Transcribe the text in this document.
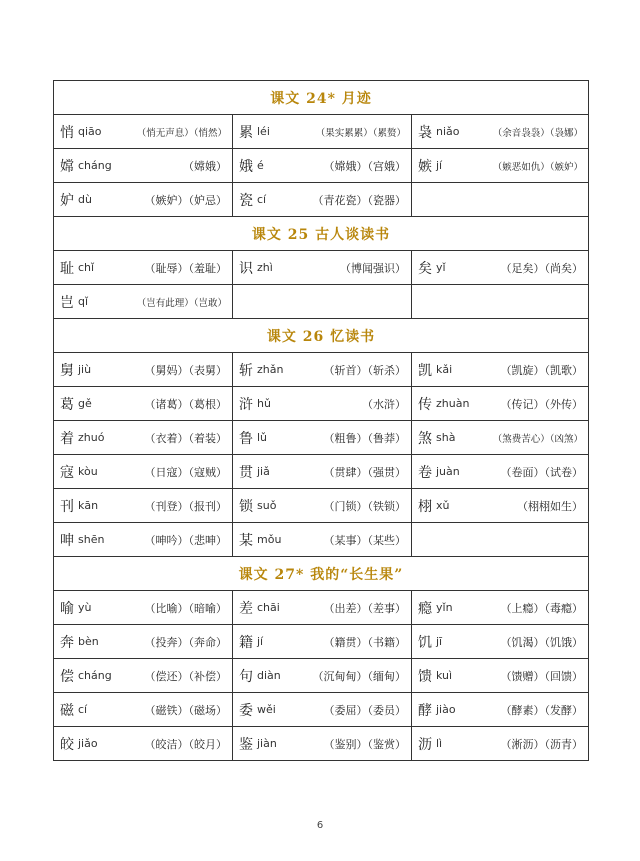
课文 24* 月迹
悄 qiāo	（悄无声息）（悄然） 累 léi	（果实累累）（累赘） 袅 niǎo	（余音袅袅）（袅娜）
嫦 cháng	（嫦娥） 娥 é	（嫦娥）（宫娥） 嫉 jí	（嫉恶如仇）（嫉妒）
妒 dù	（嫉妒）（妒忌） 瓷 cí	（青花瓷）（瓷器）
课文 25 古人谈读书
耻 chǐ	（耻辱）（羞耻） 识 zhì	（博闻强识） 矣 yǐ	（足矣）（尚矣）
岂 qǐ	（岂有此理）（岂敢）
课文 26 忆读书
舅 jiù	（舅妈）（表舅） 斩 zhǎn	（斩首）（斩杀） 凯 kǎi	（凯旋）（凯歌）
葛 gě	（诸葛）（葛根） 浒 hǔ	（水浒） 传 zhuàn	（传记）（外传）
着 zhuó	（衣着）（着装） 鲁 lǔ	（粗鲁）（鲁莽） 煞 shà	（煞费苦心）（凶煞）
寇 kòu	（日寇）（寇贼） 贯 jiǎ	（贯肆）（强贯） 卷 juàn	（卷面）（试卷）
刊 kān	（刊登）（报刊） 锁 suǒ	（门锁）（铁锁） 栩 xǔ	（栩栩如生）
呻 shēn	（呻吟）（悲呻） 某 mǒu	（某事）（某些）
课文 27* 我的“长生果”
喻 yù	（比喻）（暗喻） 差 chāi	（出差）（差事） 瘾 yǐn	（上瘾）（毒瘾）
奔 bèn	（投奔）（奔命） 籍 jí	（籍贯）（书籍） 饥 jī	（饥渴）（饥饿）
偿 cháng	（偿还）（补偿） 句 diàn	（沉甸甸）（缅甸） 馈 kuì	（馈赠）（回馈）
磁 cí	（磁铁）（磁场） 委 wěi	（委屈）（委员） 酵 jiào	（酵素）（发酵）
皎 jiǎo	（皎洁）（皎月） 鉴 jiàn	（鉴别）（鉴赏） 沥 lì	（淅沥）（沥青）
6
